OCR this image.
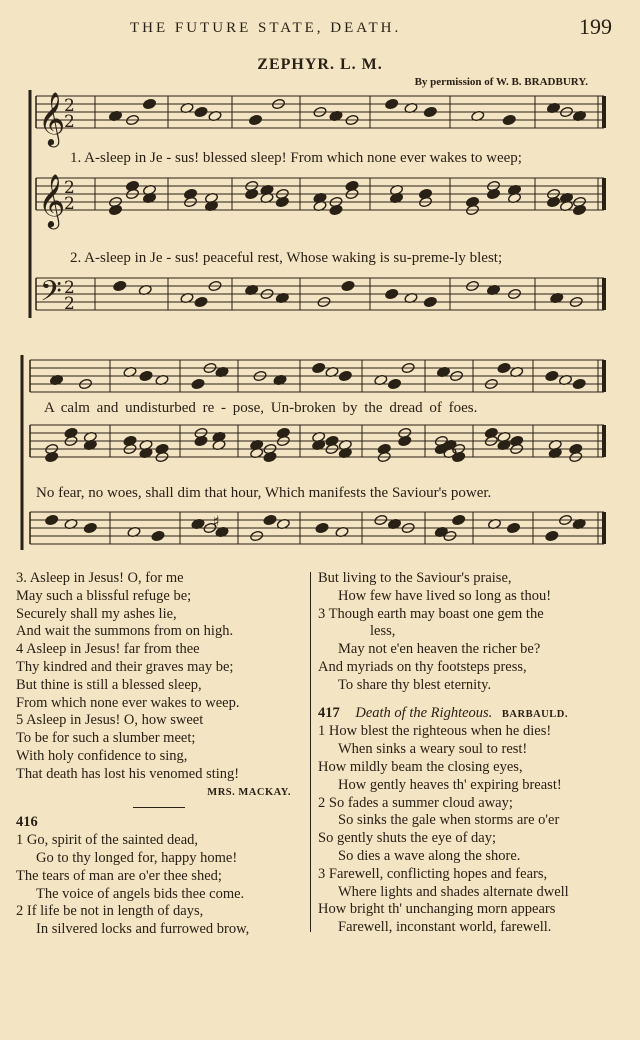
THE FUTURE STATE, DEATH.	199
ZEPHYR. L. M.
By permission of W. B. BRADBURY.
𝄞
𝄞
𝄢
2
2
2
2
2
2
♯
1. A-sleep in Je - sus! blessed sleep! From which none ever wakes to weep;
2. A-sleep in Je - sus! peaceful rest, Whose waking is su-preme-ly blest;
A calm and undisturbed re - pose, Un-broken by the dread of foes.
No fear, no woes, shall dim that hour, Which manifests the Saviour's power.
3. Asleep in Jesus! O, for me
May such a blissful refuge be;
Securely shall my ashes lie,
And wait the summons from on high.
4 Asleep in Jesus! far from thee
Thy kindred and their graves may be;
But thine is still a blessed sleep,
From which none ever wakes to weep.
5 Asleep in Jesus! O, how sweet
To be for such a slumber meet;
With holy confidence to sing,
That death has lost his venomed sting!
MRS. MACKAY.
416
1 Go, spirit of the sainted dead,
Go to thy longed for, happy home!
The tears of man are o'er thee shed;
The voice of angels bids thee come.
2 If life be not in length of days,
In silvered locks and furrowed brow,
But living to the Saviour's praise,
How few have lived so long as thou!
3 Though earth may boast one gem the
less,
May not e'en heaven the richer be?
And myriads on thy footsteps press,
To share thy blest eternity.
417 Death of the Righteous. BARBAULD.
1 How blest the righteous when he dies!
When sinks a weary soul to rest!
How mildly beam the closing eyes,
How gently heaves th' expiring breast!
2 So fades a summer cloud away;
So sinks the gale when storms are o'er
So gently shuts the eye of day;
So dies a wave along the shore.
3 Farewell, conflicting hopes and fears,
Where lights and shades alternate dwell
How bright th' unchanging morn appears
Farewell, inconstant world, farewell.
